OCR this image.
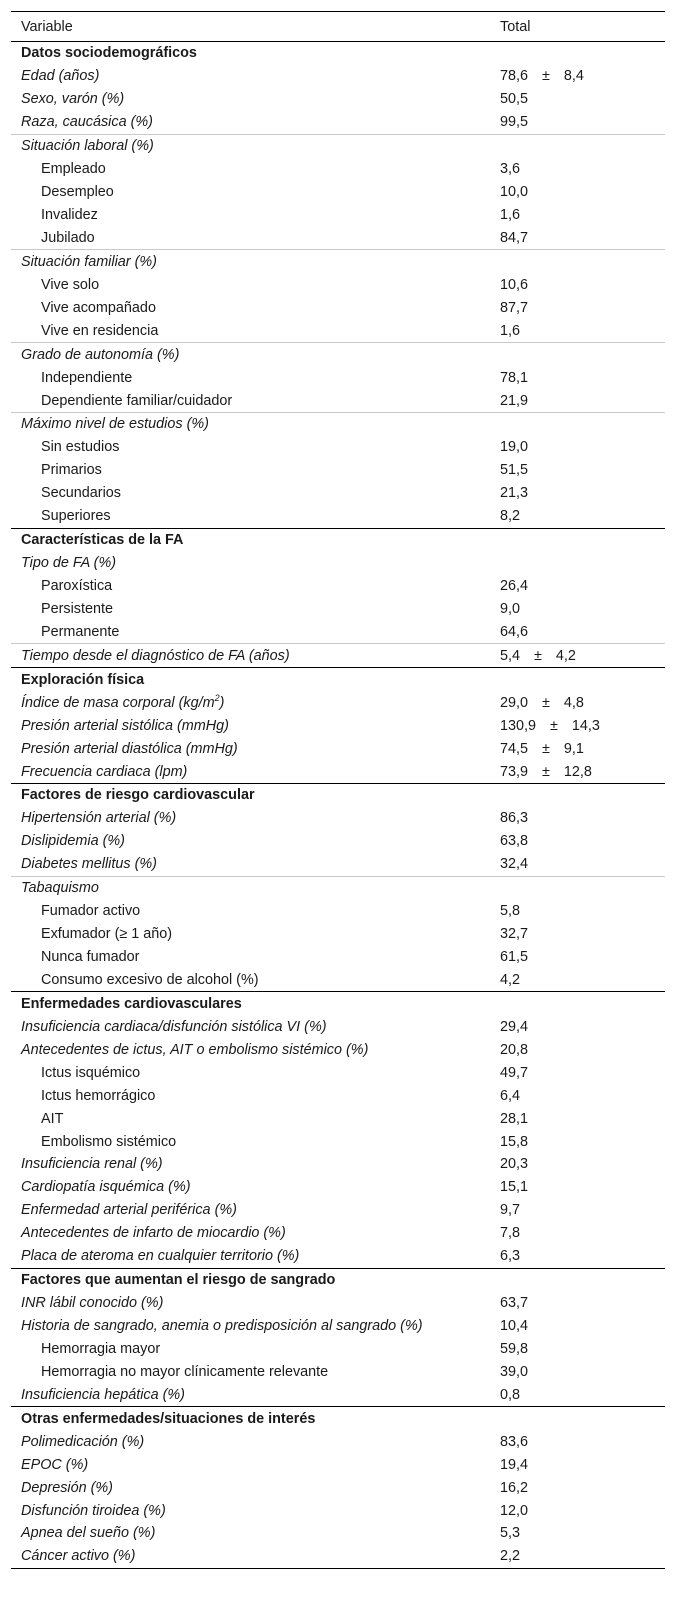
Variable	Total
Datos sociodemográficos
Edad (años)	78,6 ± 8,4
Sexo, varón (%)	50,5
Raza, caucásica (%)	99,5
Situación laboral (%)
Empleado	3,6
Desempleo	10,0
Invalidez	1,6
Jubilado	84,7
Situación familiar (%)
Vive solo	10,6
Vive acompañado	87,7
Vive en residencia	1,6
Grado de autonomía (%)
Independiente	78,1
Dependiente familiar/cuidador	21,9
Máximo nivel de estudios (%)
Sin estudios	19,0
Primarios	51,5
Secundarios	21,3
Superiores	8,2
Características de la FA
Tipo de FA (%)
Paroxística	26,4
Persistente	9,0
Permanente	64,6
Tiempo desde el diagnóstico de FA (años)	5,4 ± 4,2
Exploración física
Índice de masa corporal $(kg/m^2)$	29,0 ± 4,8
Presión arterial sistólica (mmHg)	130,9 ± 14,3
Presión arterial diastólica (mmHg)	74,5 ± 9,1
Frecuencia cardiaca (lpm)	73,9 ± 12,8
Factores de riesgo cardiovascular
Hipertensión arterial (%)	86,3
Dislipidemia (%)	63,8
Diabetes mellitus (%)	32,4
Tabaquismo
Fumador activo	5,8
Exfumador (≥ 1 año)	32,7
Nunca fumador	61,5
Consumo excesivo de alcohol (%)	4,2
Enfermedades cardiovasculares
Insuficiencia cardiaca/disfunción sistólica VI (%)	29,4
Antecedentes de ictus, AIT o embolismo sistémico (%)	20,8
Ictus isquémico	49,7
Ictus hemorrágico	6,4
AIT	28,1
Embolismo sistémico	15,8
Insuficiencia renal (%)	20,3
Cardiopatía isquémica (%)	15,1
Enfermedad arterial periférica (%)	9,7
Antecedentes de infarto de miocardio (%)	7,8
Placa de ateroma en cualquier territorio (%)	6,3
Factores que aumentan el riesgo de sangrado
INR lábil conocido (%)	63,7
Historia de sangrado, anemia o predisposición al sangrado (%)	10,4
Hemorragia mayor	59,8
Hemorragia no mayor clínicamente relevante	39,0
Insuficiencia hepática (%)	0,8
Otras enfermedades/situaciones de interés
Polimedicación (%)	83,6
EPOC (%)	19,4
Depresión (%)	16,2
Disfunción tiroidea (%)	12,0
Apnea del sueño (%)	5,3
Cáncer activo (%)	2,2
